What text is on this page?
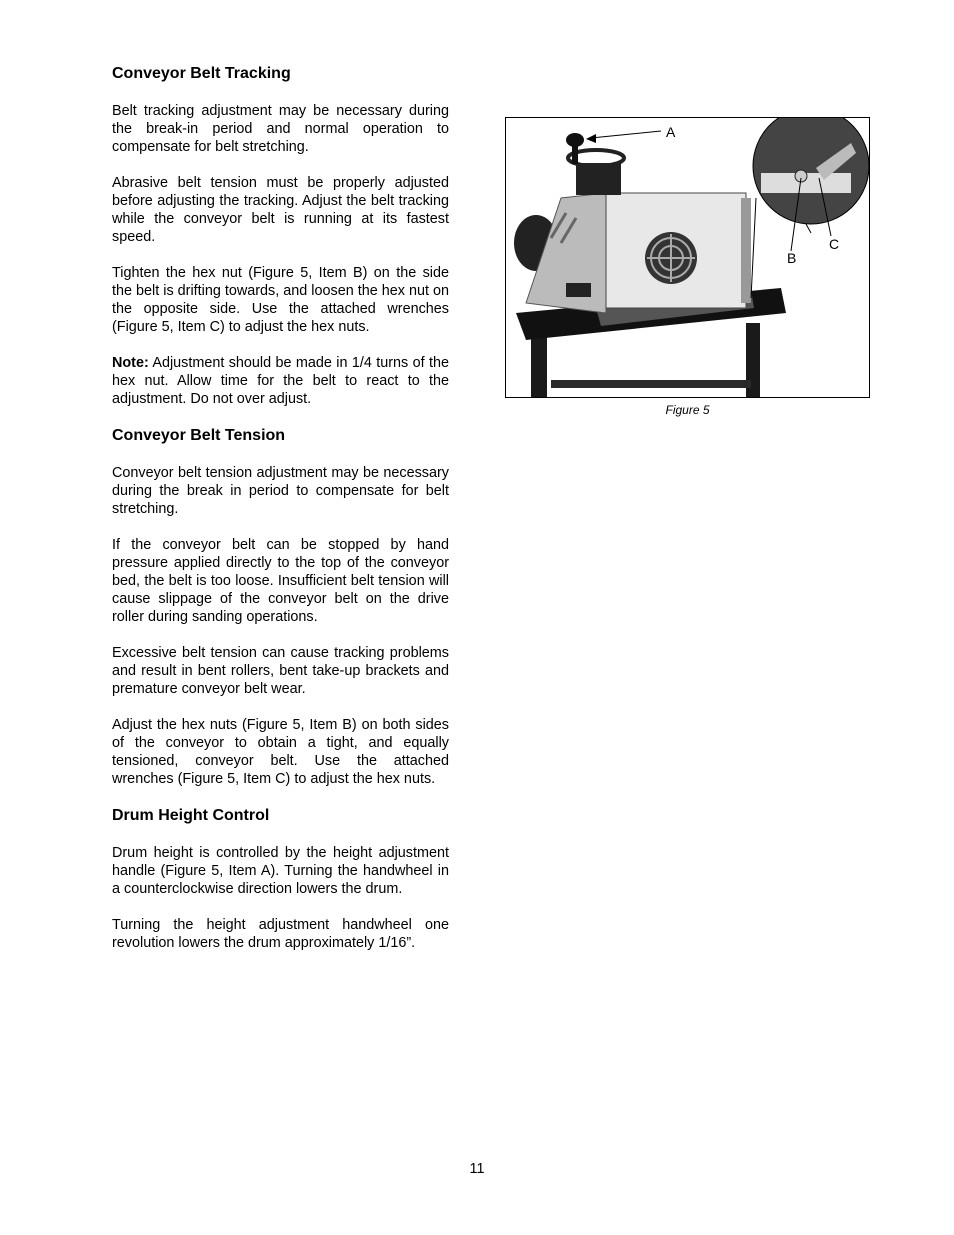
Conveyor Belt Tracking

Belt tracking adjustment may be necessary during the break-in period and normal operation to compensate for belt stretching.

Abrasive belt tension must be properly adjusted before adjusting the tracking. Adjust the belt tracking while the conveyor belt is running at its fastest speed.

Tighten the hex nut (Figure 5, Item B) on the side the belt is drifting towards, and loosen the hex nut on the opposite side. Use the attached wrenches (Figure 5, Item C) to adjust the hex nuts.

Note: Adjustment should be made in 1/4 turns of the hex nut. Allow time for the belt to react to the adjustment. Do not over adjust.

Conveyor Belt Tension

Conveyor belt tension adjustment may be necessary during the break in period to compensate for belt stretching.

If the conveyor belt can be stopped by hand pressure applied directly to the top of the conveyor bed, the belt is too loose. Insufficient belt tension will cause slippage of the conveyor belt on the drive roller during sanding operations.

Excessive belt tension can cause tracking problems and result in bent rollers, bent take-up brackets and premature conveyor belt wear.

Adjust the hex nuts (Figure 5, Item B) on both sides of the conveyor to obtain a tight, and equally tensioned, conveyor belt. Use the attached wrenches (Figure 5, Item C) to adjust the hex nuts.

Drum Height Control

Drum height is controlled by the height adjustment handle (Figure 5, Item A). Turning the handwheel in a counterclockwise direction lowers the drum.

Turning the height adjustment handwheel one revolution lowers the drum approximately 1/16”.

A
B
C
Figure 5
11
